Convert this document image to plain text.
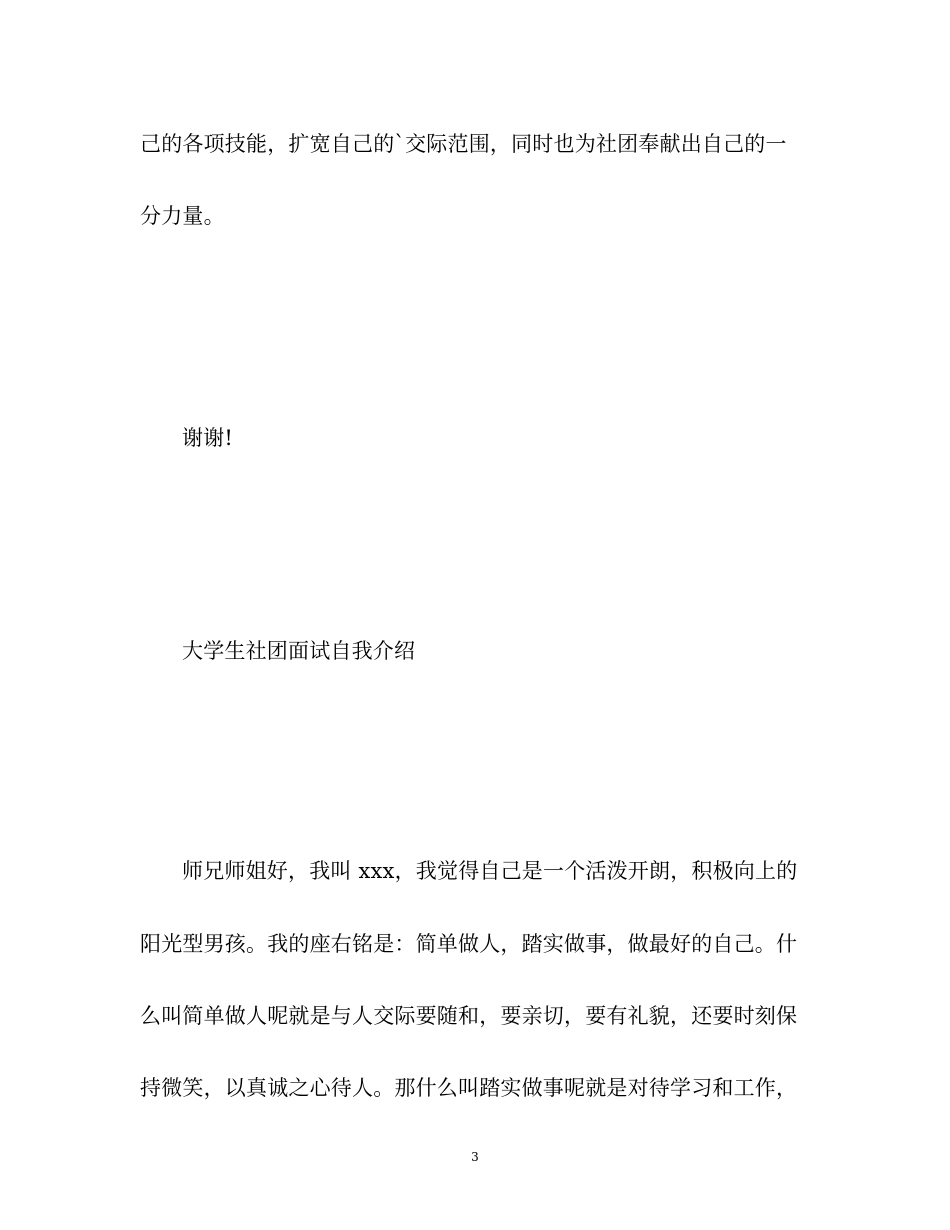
己的各项技能，扩宽自己的`交际范围，同时也为社团奉献出自己的一
分力量。
谢谢!
大学生社团面试自我介绍
师兄师姐好，我叫 xxx，我觉得自己是一个活泼开朗，积极向上的
阳光型男孩。我的座右铭是：简单做人，踏实做事，做最好的自己。什
么叫简单做人呢就是与人交际要随和，要亲切，要有礼貌，还要时刻保
持微笑，以真诚之心待人。那什么叫踏实做事呢就是对待学习和工作，
3
